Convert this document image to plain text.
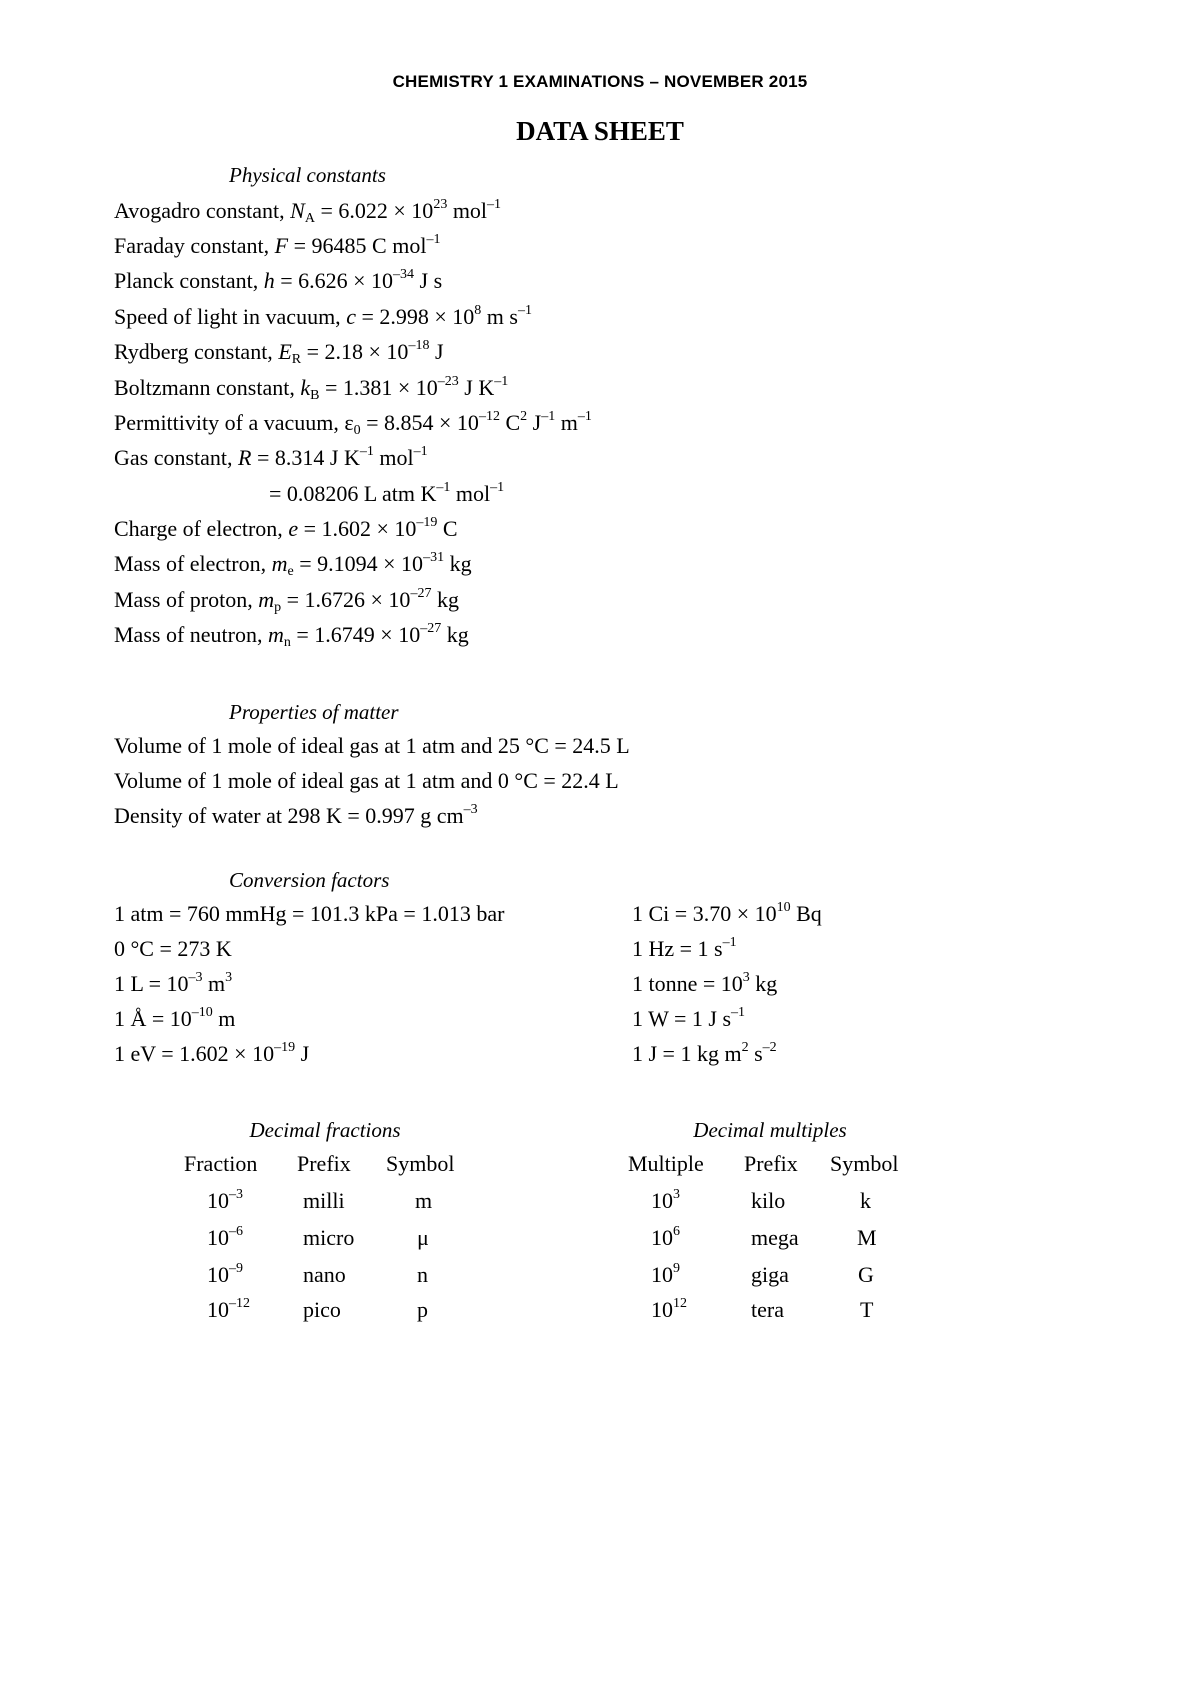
CHEMISTRY 1 EXAMINATIONS – NOVEMBER 2015
DATA SHEET
Physical constants
Avogadro constant, $N_A = 6.022 \times 10^{23}$ mol$^{-1}$
Faraday constant, F = 96485 C mol$^{-1}$
Planck constant, $h = 6.626 \times 10^{-34}$ J s
Speed of light in vacuum, $c = 2.998 \times 10^8$ m $s^{-1}$
Rydberg constant, $E_R = 2.18 \times 10^{-18}$ J
Boltzmann constant, $k_B = 1.381 \times 10^{-23}$ J $K^{-1}$
Permittivity of a vacuum, $\varepsilon_0 = 8.854 \times 10^{-12}$ $C^2$ $J^{-1}$ $m^{-1}$
Gas constant, R = 8.314 J $K^{-1}$ mol$^{-1}$
= 0.08206 L atm $K^{-1}$ mol$^{-1}$
Charge of electron, $e = 1.602 \times 10^{-19}$ C
Mass of electron, $m_e = 9.1094 \times 10^{-31}$ kg
Mass of proton, $m_p = 1.6726 \times 10^{-27}$ kg
Mass of neutron, $m_n = 1.6749 \times 10^{-27}$ kg
Properties of matter
Volume of 1 mole of ideal gas at 1 atm and 25 °C = 24.5 L
Volume of 1 mole of ideal gas at 1 atm and 0 °C = 22.4 L
Density of water at 298 K = 0.997 g $cm^{-3}$
Conversion factors
1 atm = 760 mmHg = 101.3 kPa = 1.013 bar
0 °C = 273 K
1 $L = 10^{-3}$ $m^3$
1 Å = $10^{-10}$ m
1 eV = $1.602 \times 10^{-19}$ J
1 $Ci = 3.70 \times 10^{10}$ Bq
1 Hz = 1 $s^{-1}$
1 tonne = $10^3$ kg
1 W = 1 J $s^{-1}$
1 J = 1 kg $m^2$ $s^{-2}$
Decimal fractions
Fraction Prefix Symbol
$10^{-3}$	milli	m
$10^{-6}$	micro	μ
$10^{-9}$	nano	n
$10^{-12}$ pico	p
Decimal multiples
Multiple Prefix Symbol
$10^3$	kilo	k
$10^6$	mega	M
$10^9$	giga	G
$10^{12}$	tera	T
